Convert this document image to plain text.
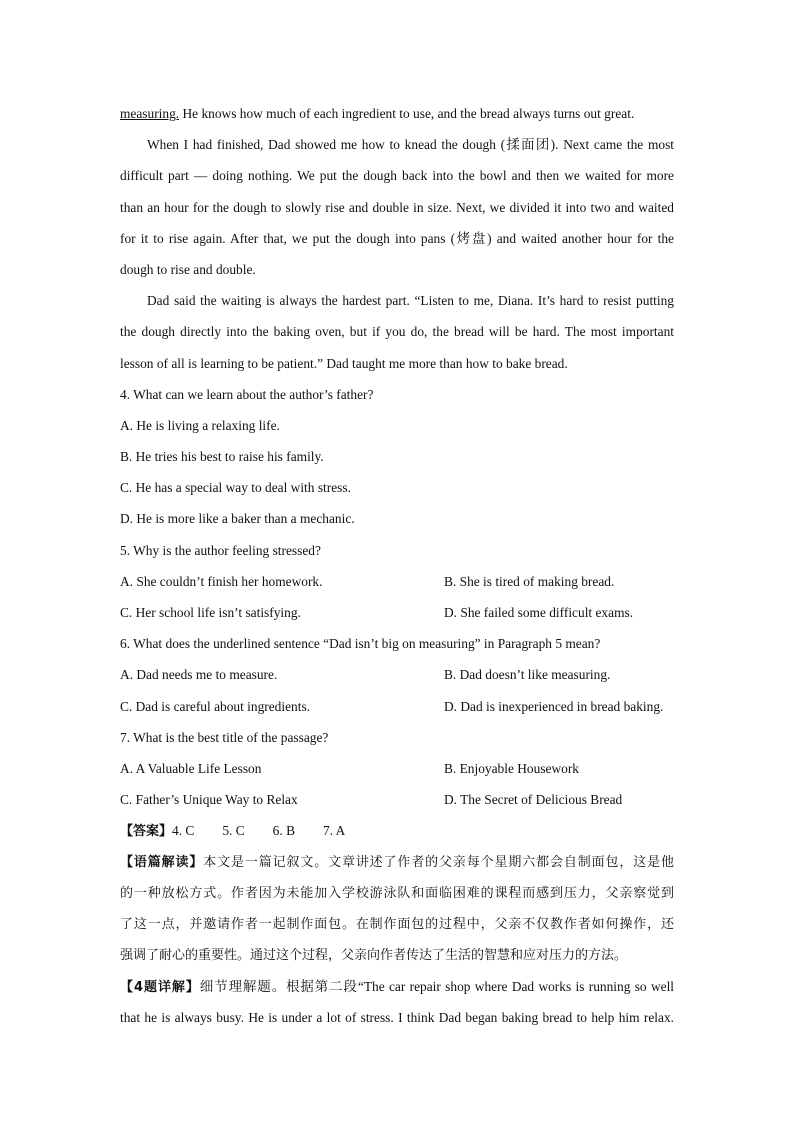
measuring. He knows how much of each ingredient to use, and the bread always turns out great.
When I had finished, Dad showed me how to knead the dough (揉面团). Next came the most
difficult part — doing nothing. We put the dough back into the bowl and then we waited for more
than an hour for the dough to slowly rise and double in size. Next, we divided it into two and waited
for it to rise again. After that, we put the dough into pans (烤盘) and waited another hour for the
dough to rise and double.
Dad said the waiting is always the hardest part. “Listen to me, Diana. It’s hard to resist putting
the dough directly into the baking oven, but if you do, the bread will be hard. The most important
lesson of all is learning to be patient.” Dad taught me more than how to bake bread.
4. What can we learn about the author’s father?
A. He is living a relaxing life.
B. He tries his best to raise his family.
C. He has a special way to deal with stress.
D. He is more like a baker than a mechanic.
5. Why is the author feeling stressed?
A. She couldn’t finish her homework.	B. She is tired of making bread.
C. Her school life isn’t satisfying.	D. She failed some difficult exams.
6. What does the underlined sentence “Dad isn’t big on measuring” in Paragraph 5 mean?
A. Dad needs me to measure.	B. Dad doesn’t like measuring.
C. Dad is careful about ingredients.	D. Dad is inexperienced in bread baking.
7. What is the best title of the passage?
A. A Valuable Life Lesson	B. Enjoyable Housework
C. Father’s Unique Way to Relax	D. The Secret of Delicious Bread
【答案】4. C 5. C 6. B 7. A
【语篇解读】本文是一篇记叙文。文章讲述了作者的父亲每个星期六都会自制面包，这是他
的一种放松方式。作者因为未能加入学校游泳队和面临困难的课程而感到压力，父亲察觉到
了这一点，并邀请作者一起制作面包。在制作面包的过程中，父亲不仅教作者如何操作，还
强调了耐心的重要性。通过这个过程，父亲向作者传达了生活的智慧和应对压力的方法。
【4题详解】细节理解题。根据第二段“The car repair shop where Dad works is running so well
that he is always busy. He is under a lot of stress. I think Dad began baking bread to help him relax.
